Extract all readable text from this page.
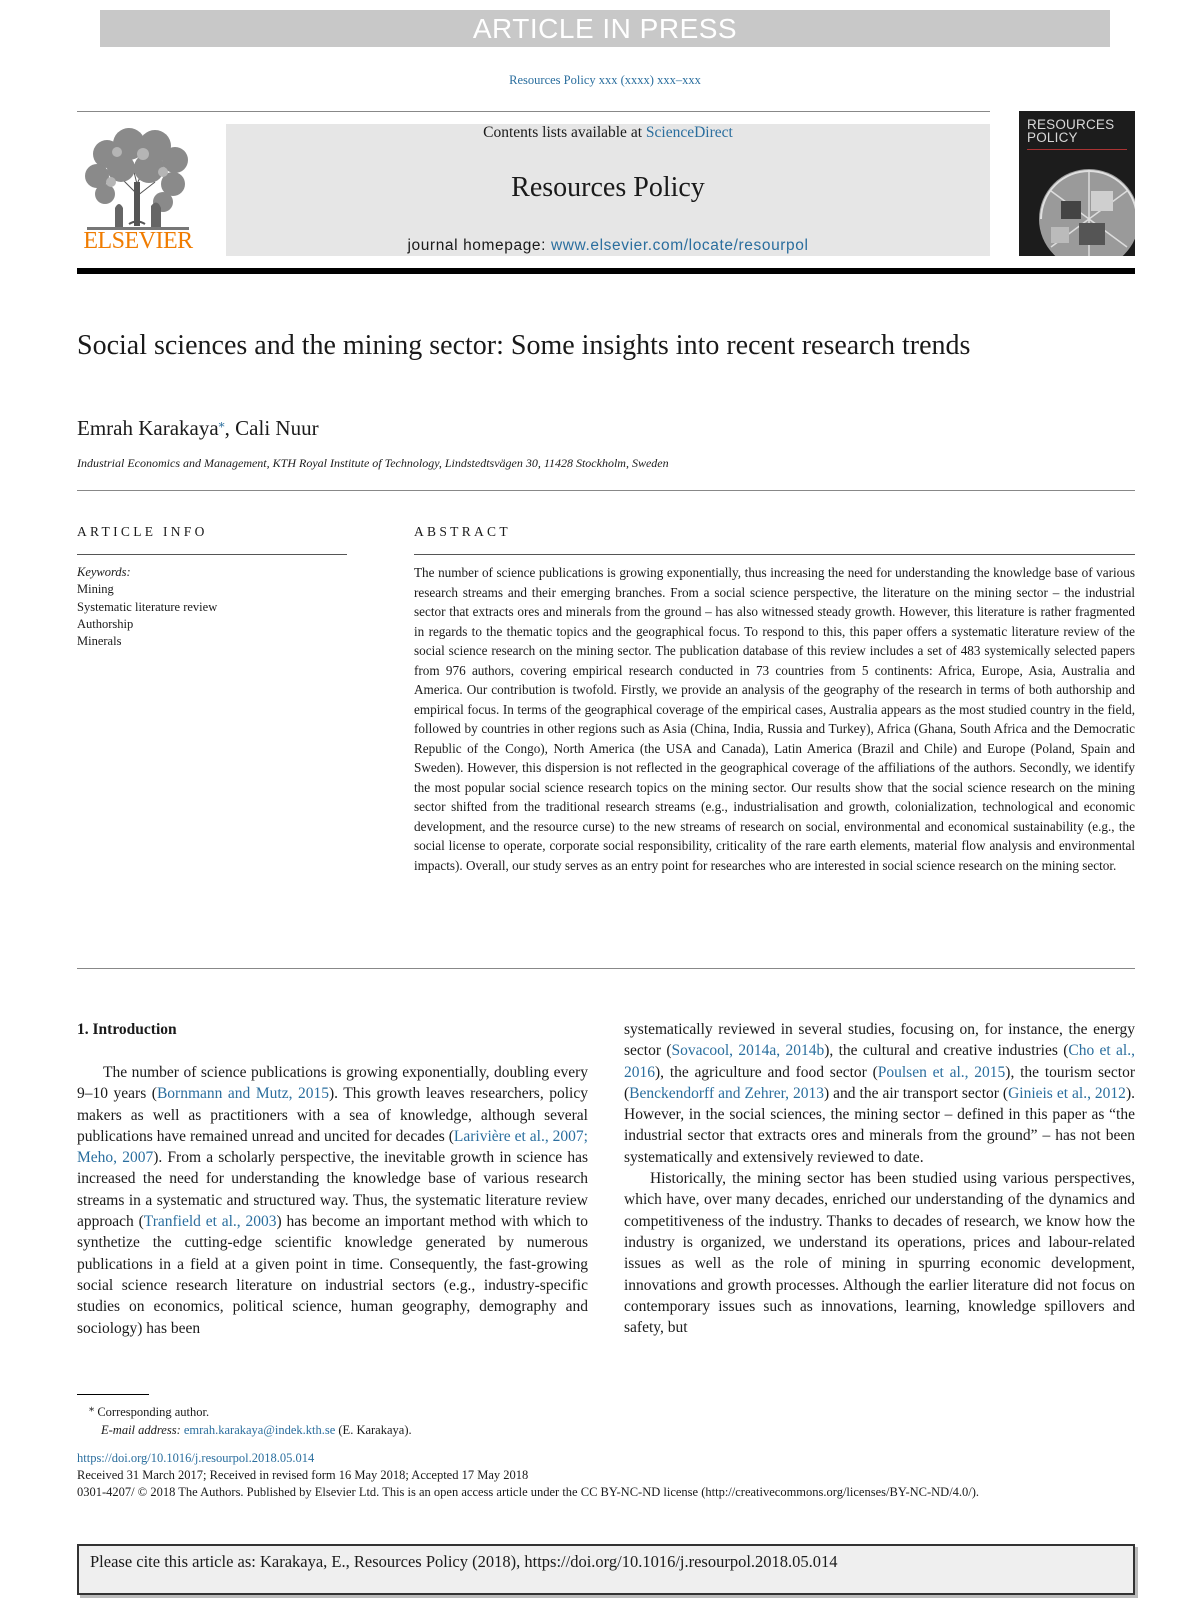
ARTICLE IN PRESS
Resources Policy xxx (xxxx) xxx–xxx
ELSEVIER
Contents lists available at ScienceDirect
Resources Policy
journal homepage: www.elsevier.com/locate/resourpol
RESOURCES POLICY
Social sciences and the mining sector: Some insights into recent research trends
Emrah Karakaya⁎, Cali Nuur
Industrial Economics and Management, KTH Royal Institute of Technology, Lindstedtsvägen 30, 11428 Stockholm, Sweden
ARTICLE INFO	ABSTRACT
Keywords:
Mining
Systematic literature review
Authorship
Minerals
The number of science publications is growing exponentially, thus increasing the need for understanding the knowledge base of various research streams and their emerging branches. From a social science perspective, the literature on the mining sector – the industrial sector that extracts ores and minerals from the ground – has also witnessed steady growth. However, this literature is rather fragmented in regards to the thematic topics and the geographical focus. To respond to this, this paper offers a systematic literature review of the social science research on the mining sector. The publication database of this review includes a set of 483 systemically selected papers from 976 authors, covering empirical research conducted in 73 countries from 5 continents: Africa, Europe, Asia, Australia and America. Our contribution is twofold. Firstly, we provide an analysis of the geography of the research in terms of both authorship and empirical focus. In terms of the geographical coverage of the empirical cases, Australia appears as the most studied country in the field, followed by countries in other regions such as Asia (China, India, Russia and Turkey), Africa (Ghana, South Africa and the Democratic Republic of the Congo), North America (the USA and Canada), Latin America (Brazil and Chile) and Europe (Poland, Spain and Sweden). However, this dispersion is not reflected in the geographical coverage of the affiliations of the authors. Secondly, we identify the most popular social science research topics on the mining sector. Our results show that the social science research on the mining sector shifted from the traditional research streams (e.g., industrialisation and growth, colonialization, technological and economic development, and the resource curse) to the new streams of research on social, environmental and economical sustainability (e.g., the social license to operate, corporate social responsibility, criticality of the rare earth elements, material flow analysis and environmental impacts). Overall, our study serves as an entry point for researches who are interested in social science research on the mining sector.
1. Introduction
The number of science publications is growing exponentially, doubling every 9–10 years (Bornmann and Mutz, 2015). This growth leaves researchers, policy makers as well as practitioners with a sea of knowledge, although several publications have remained unread and uncited for decades (Larivière et al., 2007; Meho, 2007). From a scholarly perspective, the inevitable growth in science has increased the need for understanding the knowledge base of various research streams in a systematic and structured way. Thus, the systematic literature review approach (Tranfield et al., 2003) has become an important method with which to synthetize the cutting-edge scientific knowledge generated by numerous publications in a field at a given point in time. Consequently, the fast-growing social science research literature on industrial sectors (e.g., industry-specific studies on economics, political science, human geography, demography and sociology) has been
systematically reviewed in several studies, focusing on, for instance, the energy sector (Sovacool, 2014a, 2014b), the cultural and creative industries (Cho et al., 2016), the agriculture and food sector (Poulsen et al., 2015), the tourism sector (Benckendorff and Zehrer, 2013) and the air transport sector (Ginieis et al., 2012). However, in the social sciences, the mining sector – defined in this paper as “the industrial sector that extracts ores and minerals from the ground” – has not been systematically and extensively reviewed to date.
Historically, the mining sector has been studied using various perspectives, which have, over many decades, enriched our understanding of the dynamics and competitiveness of the industry. Thanks to decades of research, we know how the industry is organized, we understand its operations, prices and labour-related issues as well as the role of mining in spurring economic development, innovations and growth processes. Although the earlier literature did not focus on contemporary issues such as innovations, learning, knowledge spillovers and safety, but
⁎ Corresponding author.
E-mail address: emrah.karakaya@indek.kth.se (E. Karakaya).
https://doi.org/10.1016/j.resourpol.2018.05.014
Received 31 March 2017; Received in revised form 16 May 2018; Accepted 17 May 2018
0301-4207/ © 2018 The Authors. Published by Elsevier Ltd. This is an open access article under the CC BY-NC-ND license (http://creativecommons.org/licenses/BY-NC-ND/4.0/).
Please cite this article as: Karakaya, E., Resources Policy (2018), https://doi.org/10.1016/j.resourpol.2018.05.014
